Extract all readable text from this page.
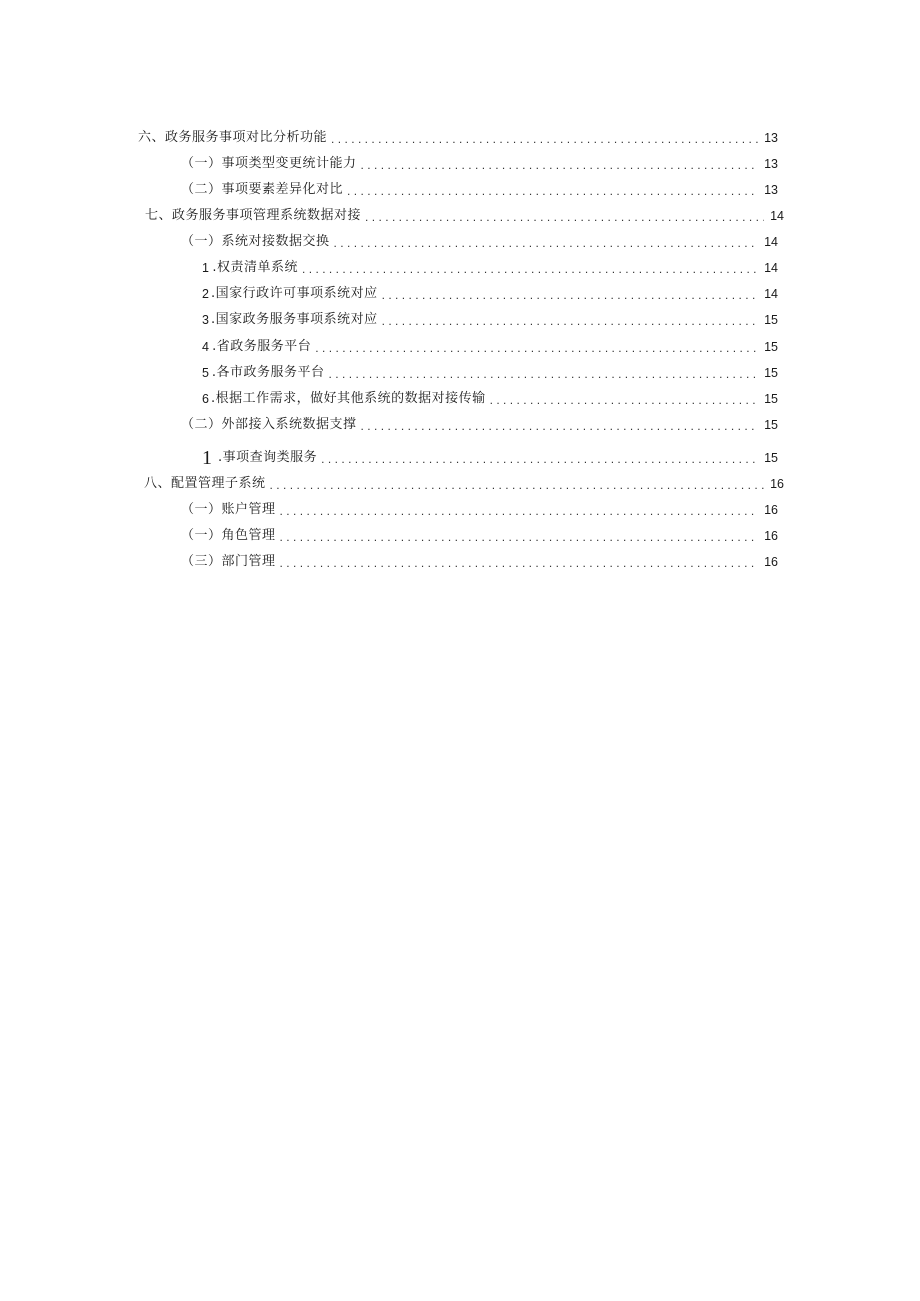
六、政务服务事项对比分析功能 .....	13
（一）事项类型变更统计能力 .....	13
（二）事项要素差异化对比 .....	13
七、政务服务事项管理系统数据对接 .....	14
（一）系统对接数据交换 .....	14
1 .权责清单系统 .....	14
2 .国家行政许可事项系统对应 .....	14
3 .国家政务服务事项系统对应 .....	15
4 .省政务服务平台 .....	15
5 .各市政务服务平台 .....	15
6 .根据工作需求，做好其他系统的数据对接传输 .....	15
（二）外部接入系统数据支撑 .....	15
1 .事项查询类服务 .....	15
八、配置管理子系统 .....	16
（一）账户管理 .....	16
（一）角色管理 .....	16
（三）部门管理 .....	16
